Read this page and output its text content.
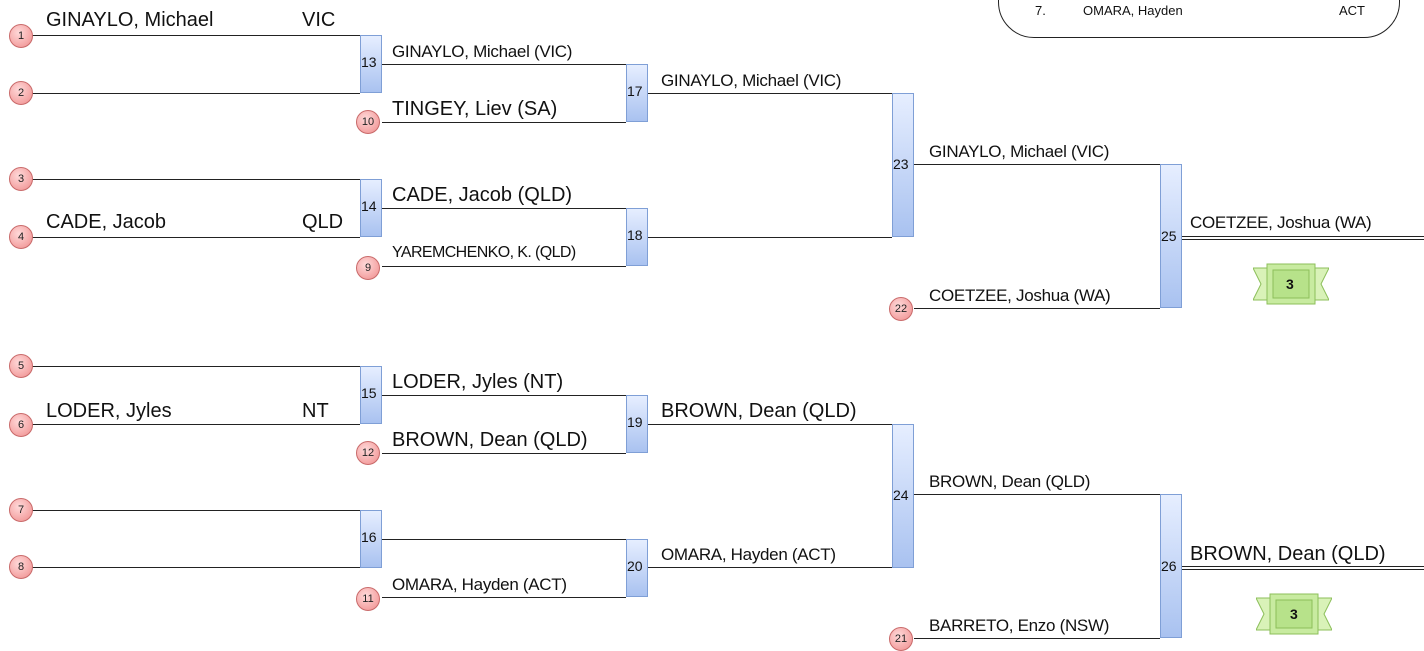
7.	OMARA, Hayden	ACT
13
14
15
16
17
18
19
20
23
24
25
26
1
2
3
4
5
6
7
8
9
10
11
12
21
22
GINAYLO, Michael	VIC
CADE, Jacob	QLD
LODER, Jyles	NT
GINAYLO, Michael (VIC)
TINGEY, Liev (SA)
CADE, Jacob (QLD)
YAREMCHENKO, K. (QLD)
LODER, Jyles (NT)
BROWN, Dean (QLD)
OMARA, Hayden (ACT)
GINAYLO, Michael (VIC)
BROWN, Dean (QLD)
OMARA, Hayden (ACT)
GINAYLO, Michael (VIC)
COETZEE, Joshua (WA)
BROWN, Dean (QLD)
BARRETO, Enzo (NSW)
COETZEE, Joshua (WA)
BROWN, Dean (QLD)
3
3
